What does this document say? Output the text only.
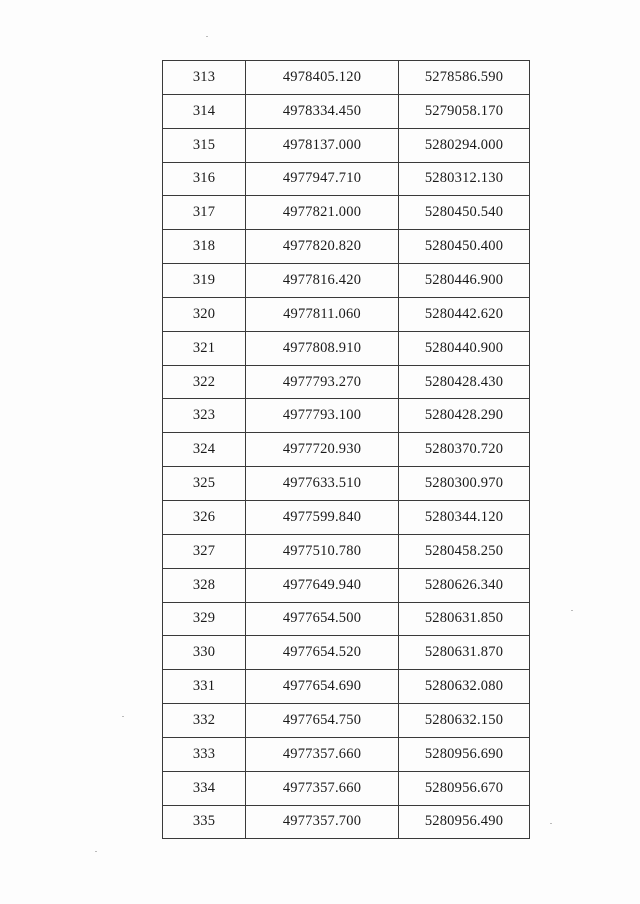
313	4978405.120	5278586.590
314	4978334.450	5279058.170
315	4978137.000	5280294.000
316	4977947.710	5280312.130
317	4977821.000	5280450.540
318	4977820.820	5280450.400
319	4977816.420	5280446.900
320	4977811.060	5280442.620
321	4977808.910	5280440.900
322	4977793.270	5280428.430
323	4977793.100	5280428.290
324	4977720.930	5280370.720
325	4977633.510	5280300.970
326	4977599.840	5280344.120
327	4977510.780	5280458.250
328	4977649.940	5280626.340
329	4977654.500	5280631.850
330	4977654.520	5280631.870
331	4977654.690	5280632.080
332	4977654.750	5280632.150
333	4977357.660	5280956.690
334	4977357.660	5280956.670
335	4977357.700	5280956.490
